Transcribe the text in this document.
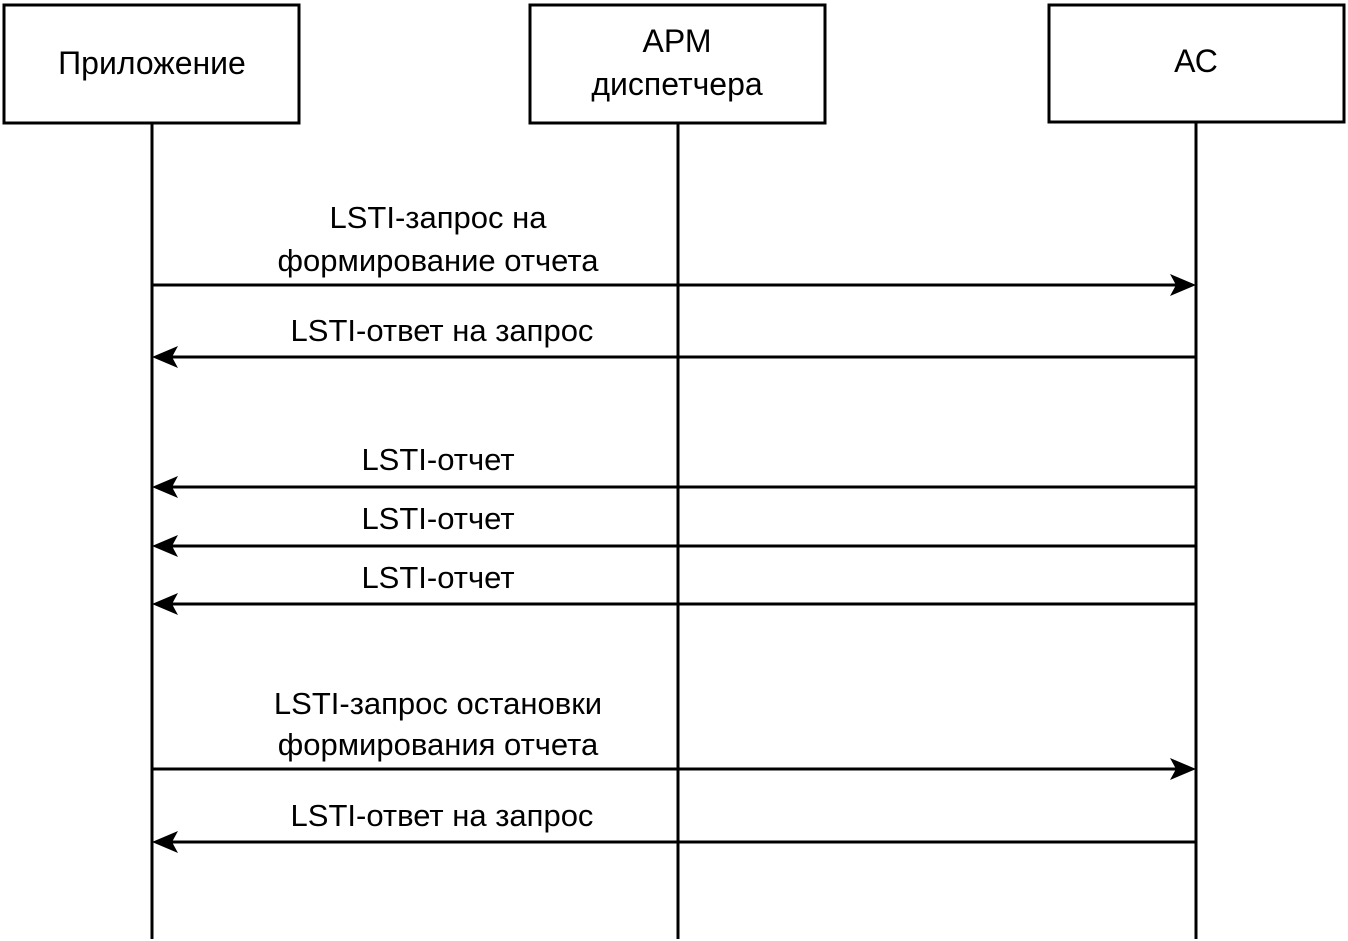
Приложение
АРМ
диспетчера
АС
LSTI-запрос на
формирование отчета
LSTI-ответ на запрос
LSTI-отчет
LSTI-отчет
LSTI-отчет
LSTI-запрос остановки
формирования отчета
LSTI-ответ на запрос
